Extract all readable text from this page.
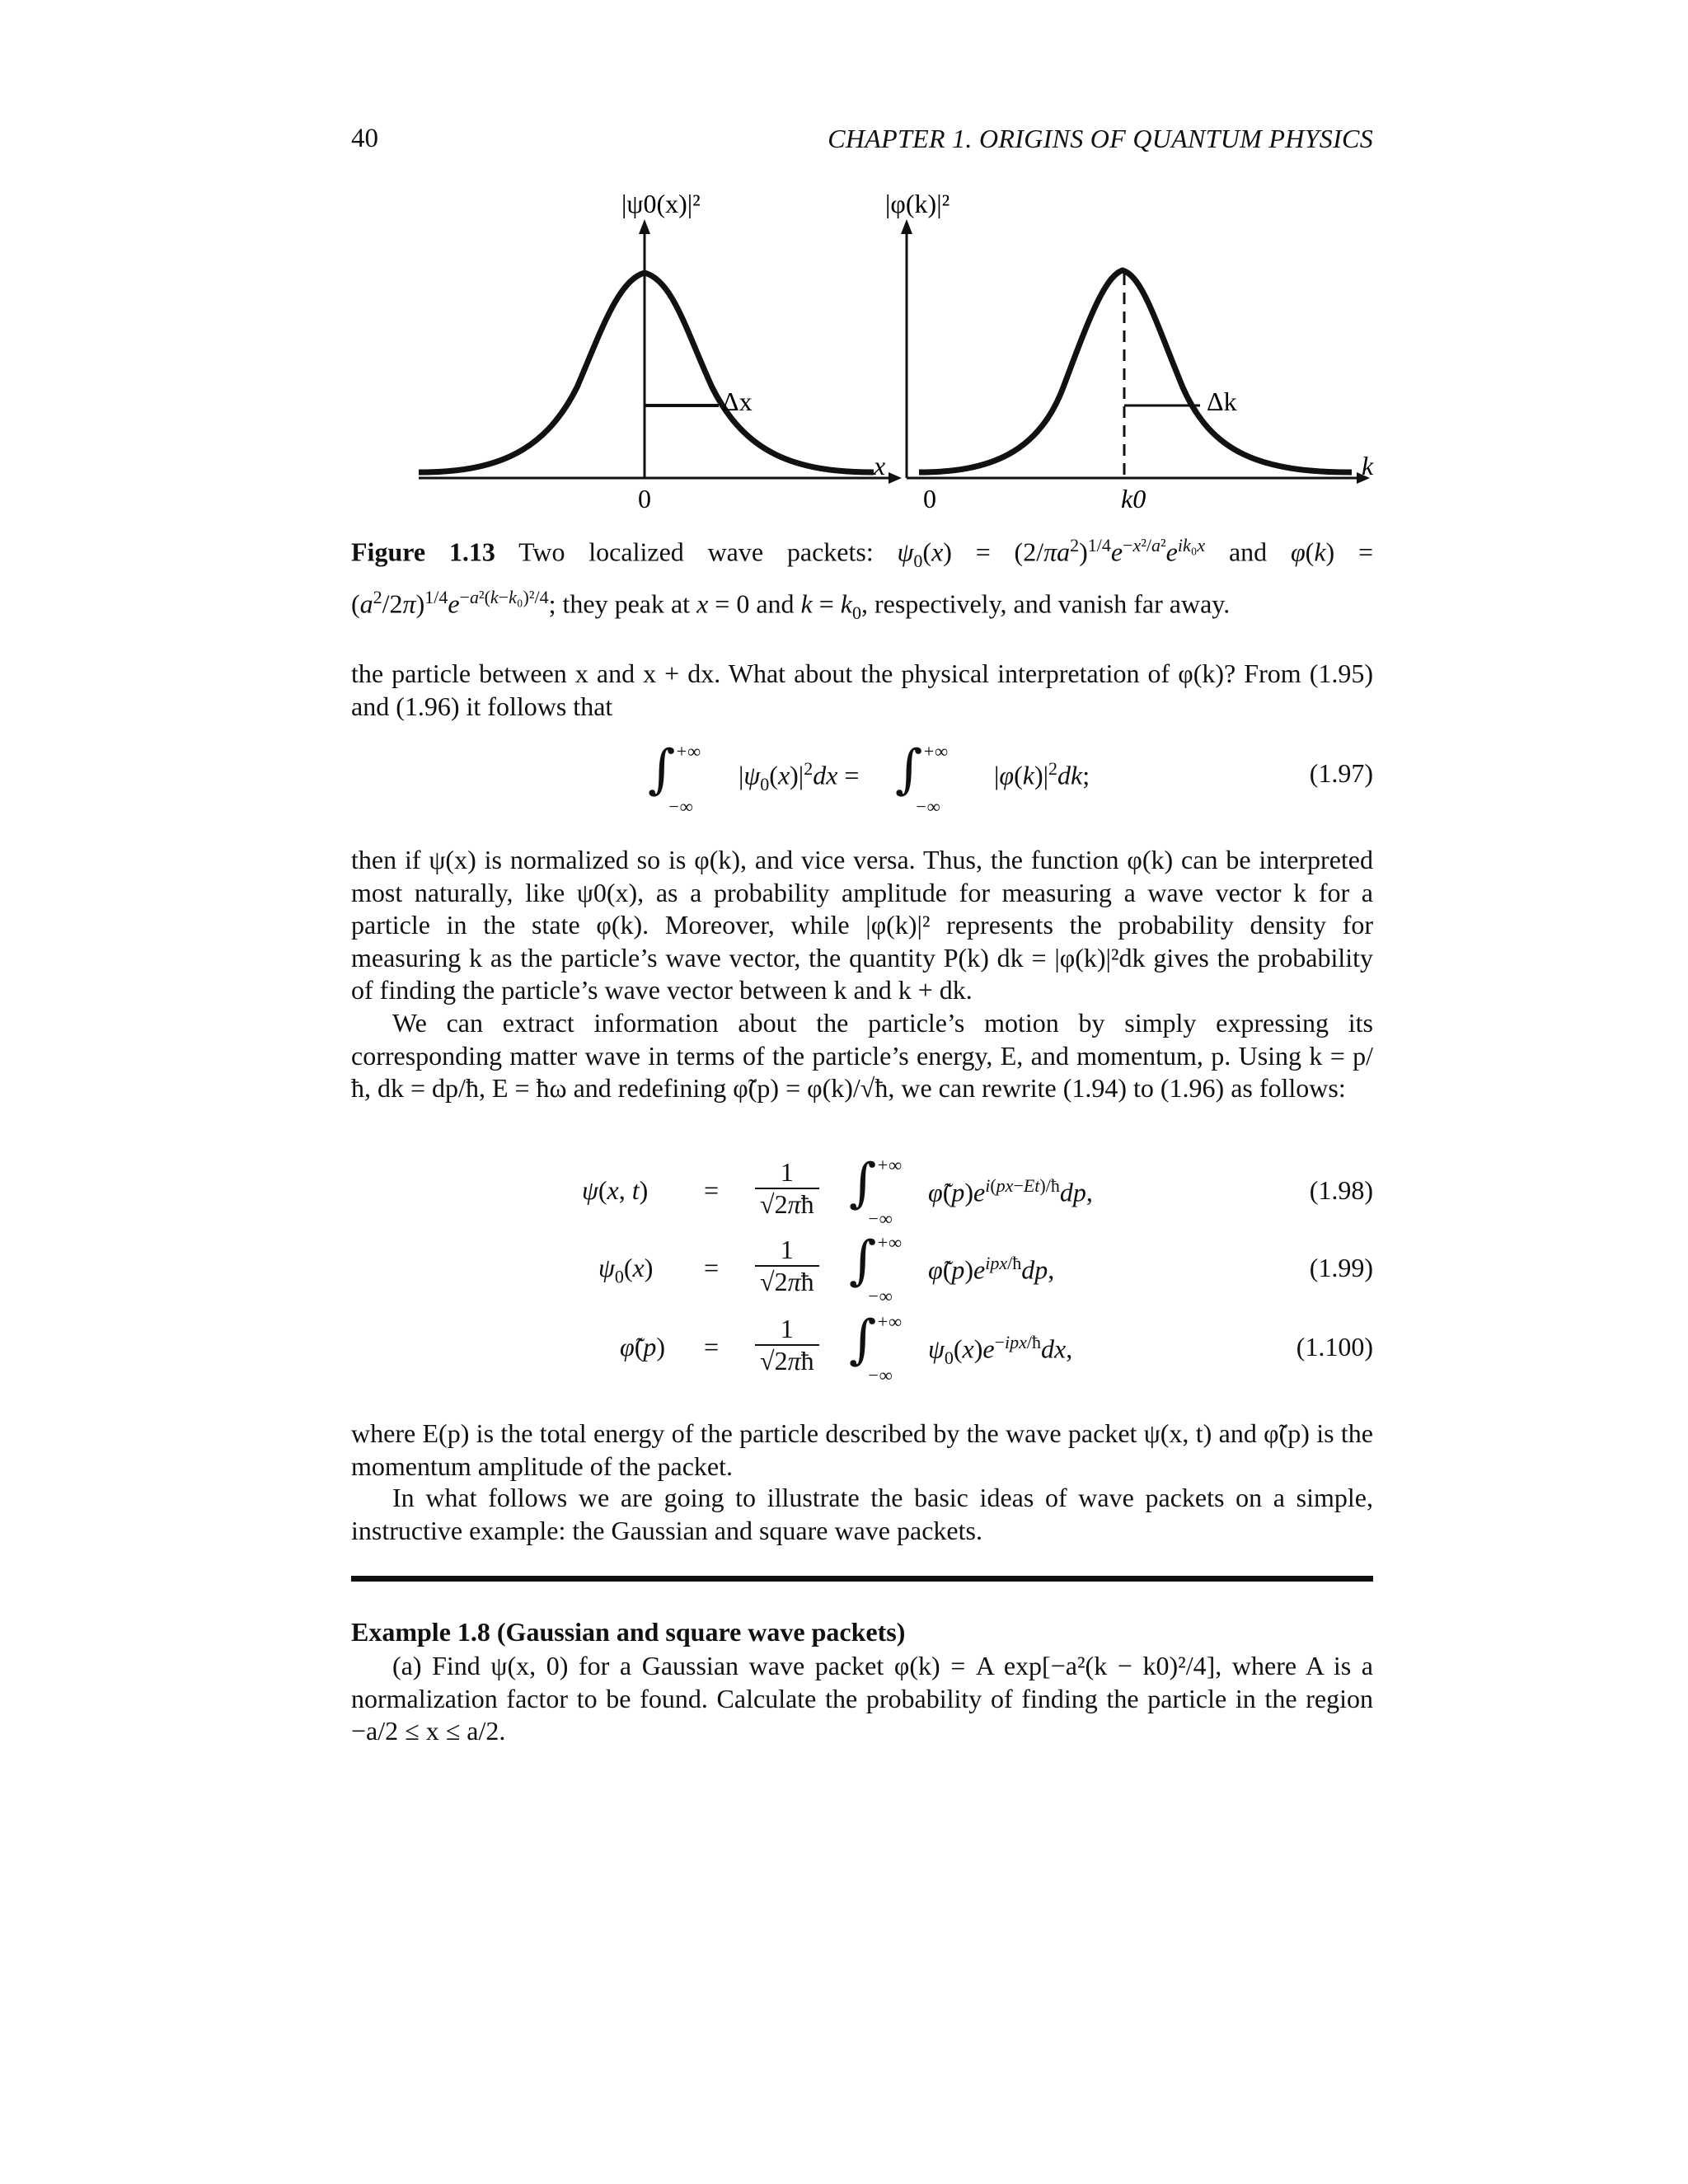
40	CHAPTER 1. ORIGINS OF QUANTUM PHYSICS
Δx
|ψ0(x)|²
0
x
Δk
|φ(k)|²
0	k0
k
Figure 1.13 Two localized wave packets: $\psi_0(x) = (2/\pi a^2)^{1/4}e^{-x^2/a^2}e^{ik_0x}$ and $\varphi(k) = (a^2/2\pi)^{1/4}e^{-a^2(k-k_0)^2/4}$; they peak at x = 0 and $k = k_0$, respectively, and vanish far away.
the particle between x and x + dx. What about the physical interpretation of φ(k)? From (1.95) and (1.96) it follows that
∫+∞
−∞
$|\psi_0(x)|^2dx = \int^{+\infty}$
−∞
$|\varphi(k)|^2dk$;	(1.97)
then if ψ(x) is normalized so is φ(k), and vice versa. Thus, the function φ(k) can be interpreted most naturally, like ψ0(x), as a probability amplitude for measuring a wave vector k for a particle in the state φ(k). Moreover, while |φ(k)|² represents the probability density for measuring k as the particle’s wave vector, the quantity P(k) dk = |φ(k)|²dk gives the probability of finding the particle’s wave vector between k and k + dk.
We can extract information about the particle’s motion by simply expressing its corresponding matter wave in terms of the particle’s energy, E, and momentum, p. Using k = p/ħ, dk = dp/ħ, E = ħω and redefining φ̃(p) = φ(k)/√ħ, we can rewrite (1.94) to (1.96) as follows:
ψ(x, $t) = \frac{1}{√2\pi ħ} \int^{+\infty}$
−∞
$\varphĩ(p)e^{i(px-Et)/ħ}dp$,	(1.98)
$\psi_0(x) = \frac{1}{√2\pi ħ} \int^{+\infty}$
−∞
$\varphĩ(p)e^{ipx/ħ}dp$,	(1.99)
φ̃(p) = $\frac{1}{√2\pi ħ} \int^{+\infty}$
−∞
$\psi_0(x)e^{-ipx/ħ}dx$,	(1.100)
where E(p) is the total energy of the particle described by the wave packet ψ(x, t) and φ̃(p) is the momentum amplitude of the packet.
In what follows we are going to illustrate the basic ideas of wave packets on a simple, instructive example: the Gaussian and square wave packets.
Example 1.8 (Gaussian and square wave packets)
(a) Find ψ(x, 0) for a Gaussian wave packet φ(k) = A exp[−a²(k − k0)²/4], where A is a normalization factor to be found. Calculate the probability of finding the particle in the region −a/2 ≤ x ≤ a/2.
